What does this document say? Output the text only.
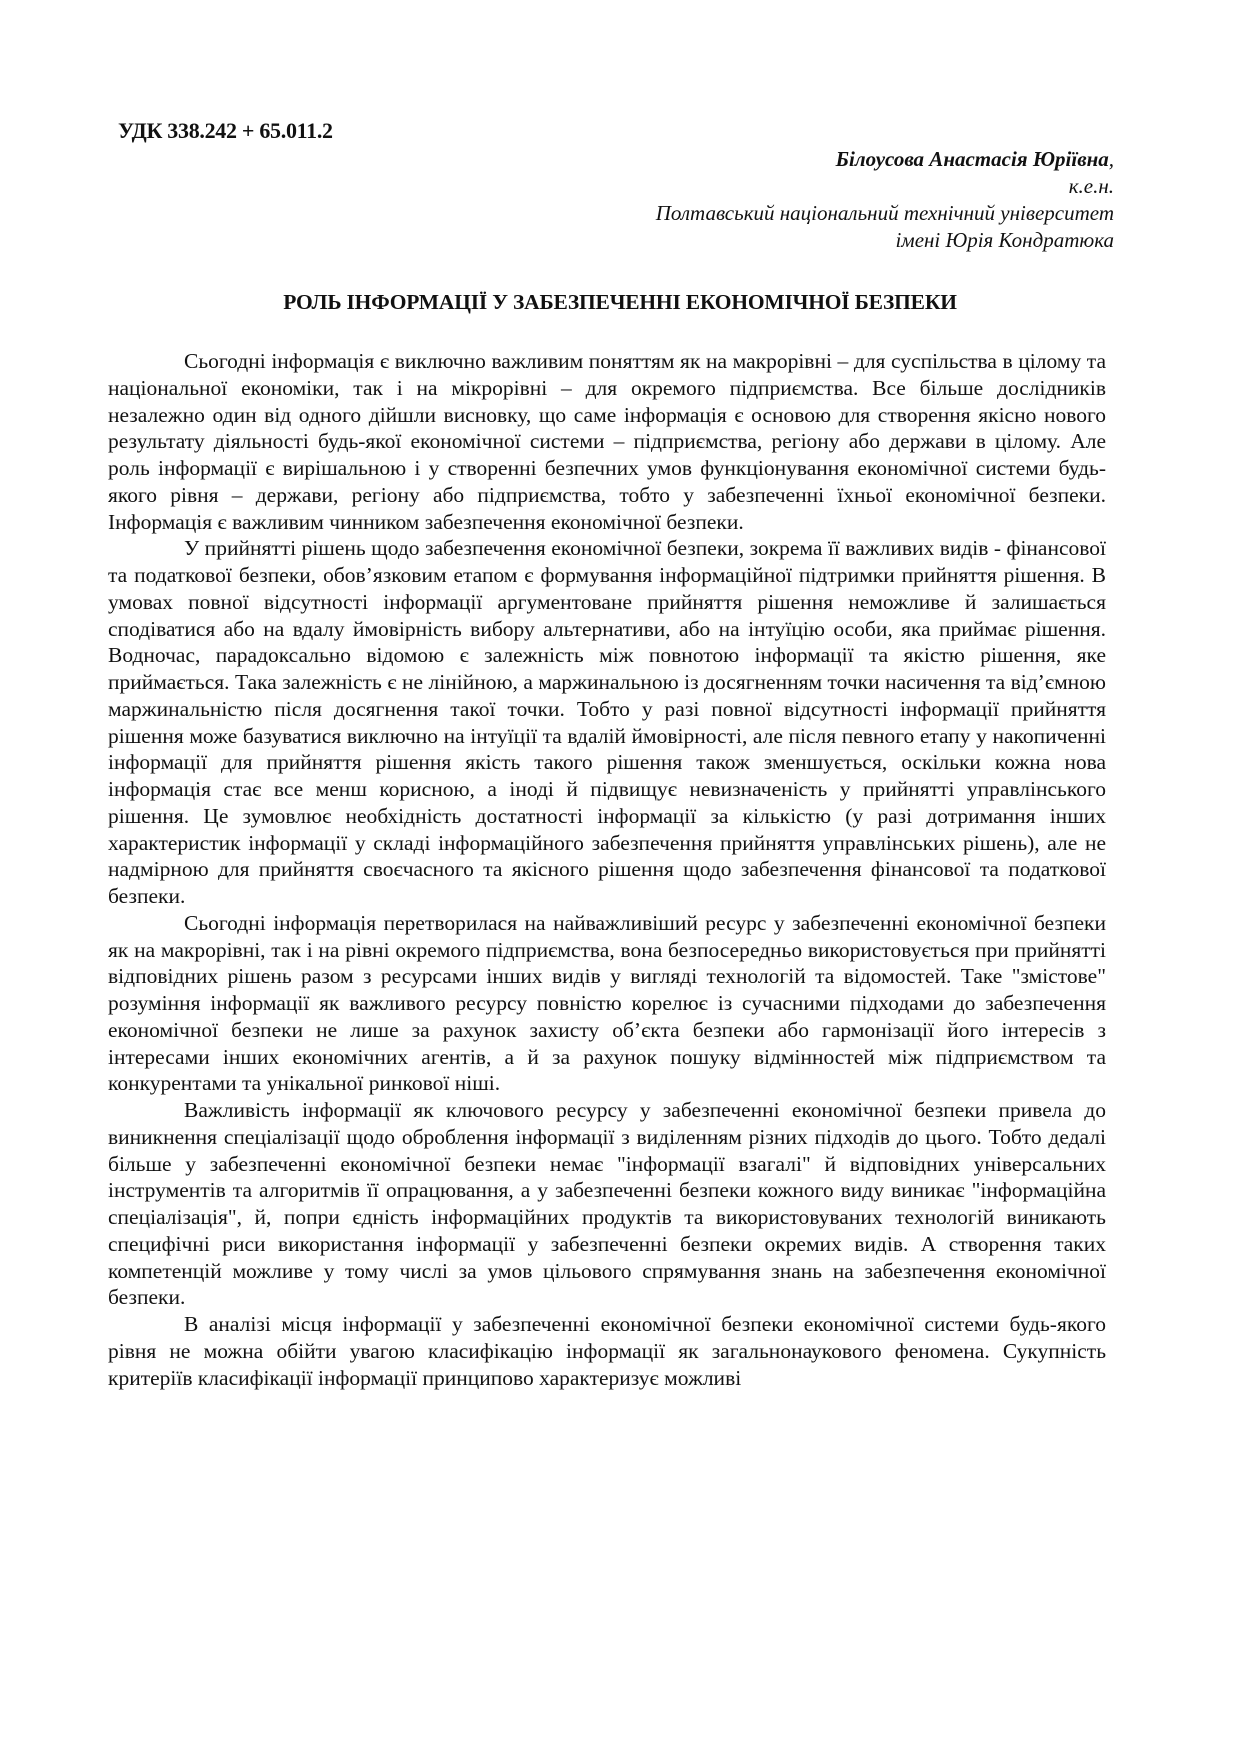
УДК 338.242 + 65.011.2
Білоусова Анастасія Юріївна,
к.е.н.
Полтавський національний технічний університет
імені Юрія Кондратюка
РОЛЬ ІНФОРМАЦІЇ У ЗАБЕЗПЕЧЕННІ ЕКОНОМІЧНОЇ БЕЗПЕКИ

Сьогодні інформація є виключно важливим поняттям як на макрорівні – для суспільства в цілому та національної економіки, так і на мікрорівні – для окремого підприємства. Все більше дослідників незалежно один від одного дійшли висновку, що саме інформація є основою для створення якісно нового результату діяльності будь-якої економічної системи – підприємства, регіону або держави в цілому. Але роль інформації є вирішальною і у створенні безпечних умов функціонування економічної системи будь-якого рівня – держави, регіону або підприємства, тобто у забезпеченні їхньої економічної безпеки. Інформація є важливим чинником забезпечення економічної безпеки.

У прийнятті рішень щодо забезпечення економічної безпеки, зокрема її важливих видів - фінансової та податкової безпеки, обов’язковим етапом є формування інформаційної підтримки прийняття рішення. В умовах повної відсутності інформації аргументоване прийняття рішення неможливе й залишається сподіватися або на вдалу ймовірність вибору альтернативи, або на інтуїцію особи, яка приймає рішення. Водночас, парадоксально відомою є залежність між повнотою інформації та якістю рішення, яке приймається. Така залежність є не лінійною, а маржинальною із досягненням точки насичення та від’ємною маржинальністю після досягнення такої точки. Тобто у разі повної відсутності інформації прийняття рішення може базуватися виключно на інтуїції та вдалій ймовірності, але після певного етапу у накопиченні інформації для прийняття рішення якість такого рішення також зменшується, оскільки кожна нова інформація стає все менш корисною, а іноді й підвищує невизначеність у прийнятті управлінського рішення. Це зумовлює необхідність достатності інформації за кількістю (у разі дотримання інших характеристик інформації у складі інформаційного забезпечення прийняття управлінських рішень), але не надмірною для прийняття своєчасного та якісного рішення щодо забезпечення фінансової та податкової безпеки.

Сьогодні інформація перетворилася на найважливіший ресурс у забезпеченні економічної безпеки як на макрорівні, так і на рівні окремого підприємства, вона безпосередньо використовується при прийнятті відповідних рішень разом з ресурсами інших видів у вигляді технологій та відомостей. Таке "змістове" розуміння інформації як важливого ресурсу повністю корелює із сучасними підходами до забезпечення економічної безпеки не лише за рахунок захисту об’єкта безпеки або гармонізації його інтересів з інтересами інших економічних агентів, а й за рахунок пошуку відмінностей між підприємством та конкурентами та унікальної ринкової ніші.

Важливість інформації як ключового ресурсу у забезпеченні економічної безпеки привела до виникнення спеціалізації щодо оброблення інформації з виділенням різних підходів до цього. Тобто дедалі більше у забезпеченні економічної безпеки немає "інформації взагалі" й відповідних універсальних інструментів та алгоритмів її опрацювання, а у забезпеченні безпеки кожного виду виникає "інформаційна спеціалізація", й, попри єдність інформаційних продуктів та використовуваних технологій виникають специфічні риси використання інформації у забезпеченні безпеки окремих видів. А створення таких компетенцій можливе у тому числі за умов цільового спрямування знань на забезпечення економічної безпеки.

В аналізі місця інформації у забезпеченні економічної безпеки економічної системи будь-якого рівня не можна обійти увагою класифікацію інформації як загальнонаукового феномена. Сукупність критеріїв класифікації інформації принципово характеризує можливі
